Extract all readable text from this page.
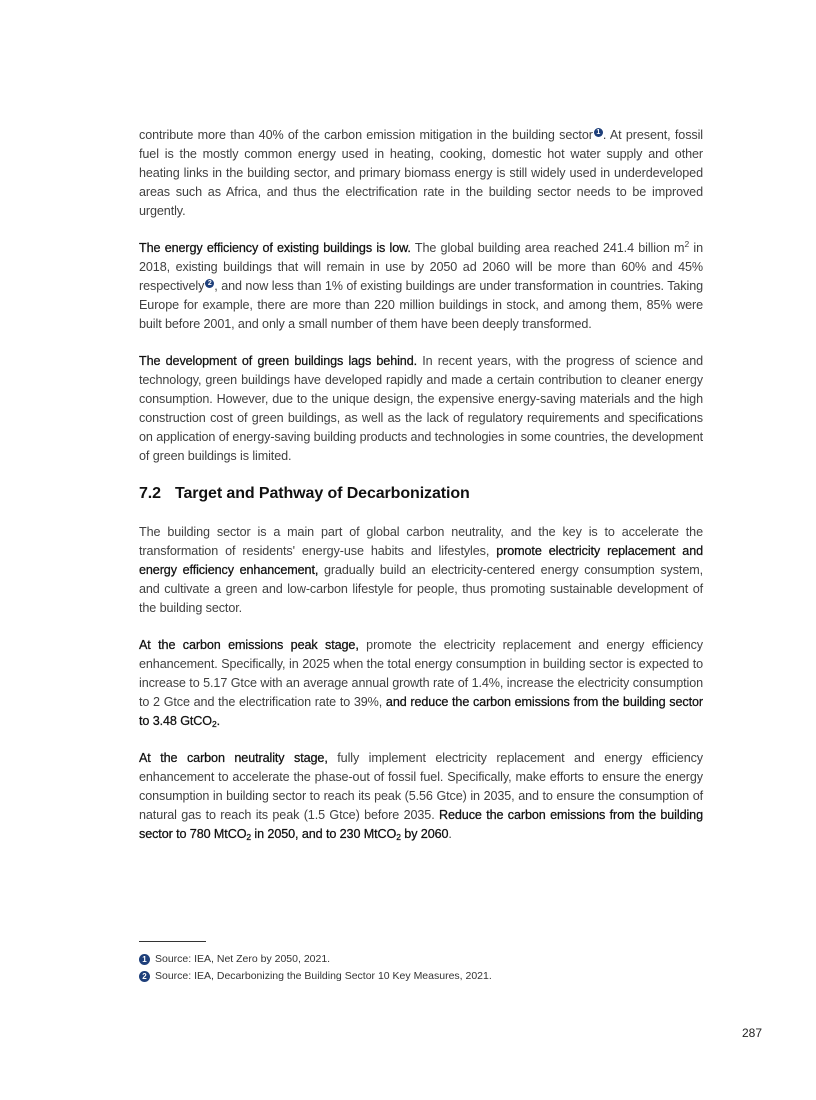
contribute more than 40% of the carbon emission mitigation in the building sector $^1$ . At present, fossil fuel is the mostly common energy used in heating, cooking, domestic hot water supply and other heating links in the building sector, and primary biomass energy is still widely used in underdeveloped areas such as Africa, and thus the electrification rate in the building sector needs to be improved urgently.

The energy efficiency of existing buildings is low. The global building area reached 241.4 billion $m^2$ in 2018, existing buildings that will remain in use by 2050 ad 2060 will be more than 60% and 45% respectively $^2$ , and now less than 1% of existing buildings are under transformation in countries. Taking Europe for example, there are more than 220 million buildings in stock, and among them, 85% were built before 2001, and only a small number of them have been deeply transformed.

The development of green buildings lags behind. In recent years, with the progress of science and technology, green buildings have developed rapidly and made a certain contribution to cleaner energy consumption. However, due to the unique design, the expensive energy-saving materials and the high construction cost of green buildings, as well as the lack of regulatory requirements and specifications on application of energy-saving building products and technologies in some countries, the development of green buildings is limited.

7.2 Target and Pathway of Decarbonization

The building sector is a main part of global carbon neutrality, and the key is to accelerate the transformation of residents' energy-use habits and lifestyles, promote electricity replacement and energy efficiency enhancement, gradually build an electricity-centered energy consumption system, and cultivate a green and low-carbon lifestyle for people, thus promoting sustainable development of the building sector.

At the carbon emissions peak stage, promote the electricity replacement and energy efficiency enhancement. Specifically, in 2025 when the total energy consumption in building sector is expected to increase to 5.17 Gtce with an average annual growth rate of 1.4%, increase the electricity consumption to 2 Gtce and the electrification rate to 39%, and reduce the carbon emissions from the building sector to 3.48 GtCO$_2$.

At the carbon neutrality stage, fully implement electricity replacement and energy efficiency enhancement to accelerate the phase-out of fossil fuel. Specifically, make efforts to ensure the energy consumption in building sector to reach its peak (5.56 Gtce) in 2035, and to ensure the consumption of natural gas to reach its peak (1.5 Gtce) before 2035. Reduce the carbon emissions from the building sector to 780 MtCO$_2$ in 2050, and to 230 MtCO$_2$ by 2060.

1 Source: IEA, Net Zero by 2050, 2021.
2 Source: IEA, Decarbonizing the Building Sector 10 Key Measures, 2021.
287
